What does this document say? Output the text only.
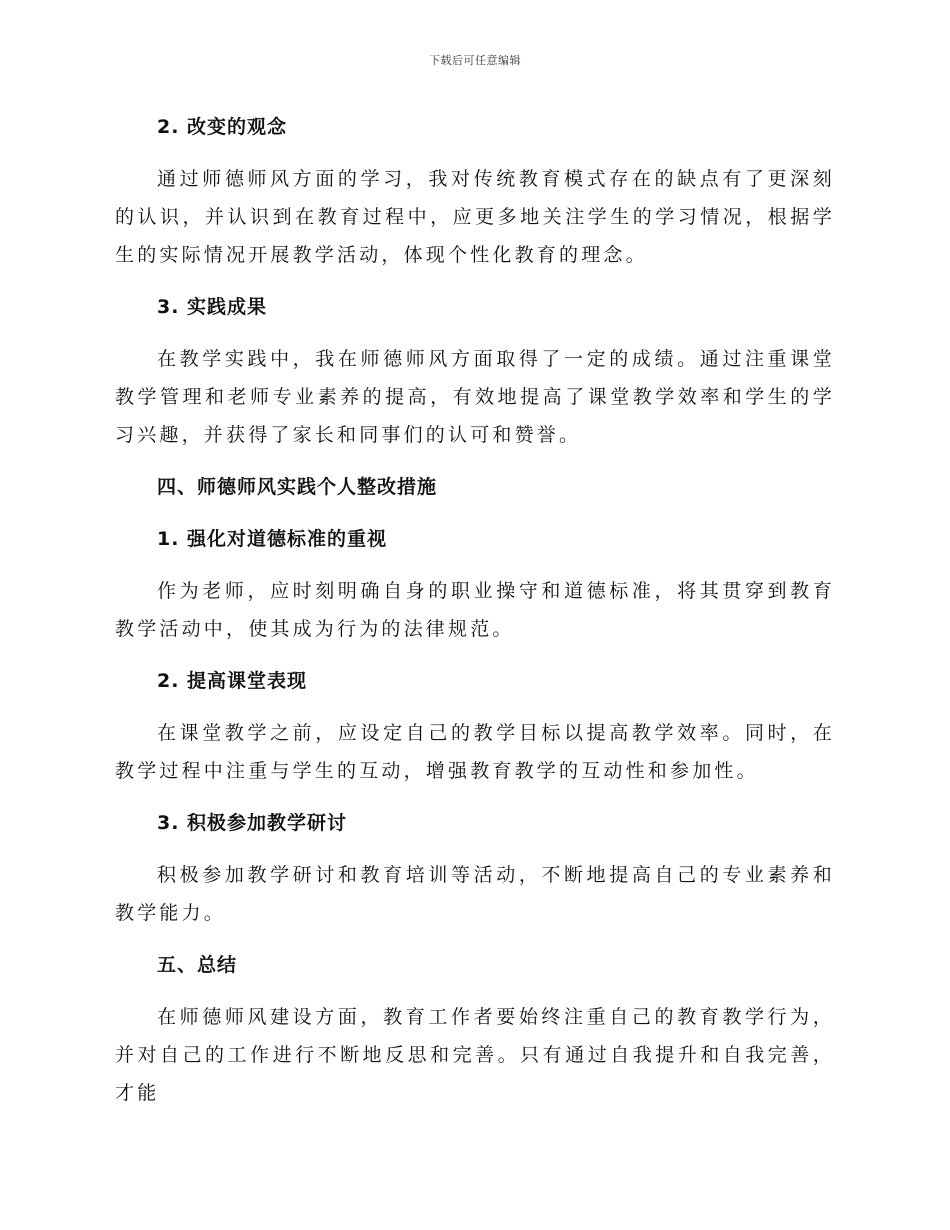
下载后可任意编辑

2. 改变的观念

通过师德师风方面的学习，我对传统教育模式存在的缺点有了更深刻的认识，并认识到在教育过程中，应更多地关注学生的学习情况，根据学生的实际情况开展教学活动，体现个性化教育的理念。

3. 实践成果

在教学实践中，我在师德师风方面取得了一定的成绩。通过注重课堂教学管理和老师专业素养的提高，有效地提高了课堂教学效率和学生的学习兴趣，并获得了家长和同事们的认可和赞誉。

四、师德师风实践个人整改措施

1. 强化对道德标准的重视

作为老师，应时刻明确自身的职业操守和道德标准，将其贯穿到教育教学活动中，使其成为行为的法律规范。

2. 提高课堂表现

在课堂教学之前，应设定自己的教学目标以提高教学效率。同时，在教学过程中注重与学生的互动，增强教育教学的互动性和参加性。

3. 积极参加教学研讨

积极参加教学研讨和教育培训等活动，不断地提高自己的专业素养和教学能力。

五、总结

在师德师风建设方面，教育工作者要始终注重自己的教育教学行为，并对自己的工作进行不断地反思和完善。只有通过自我提升和自我完善，才能
